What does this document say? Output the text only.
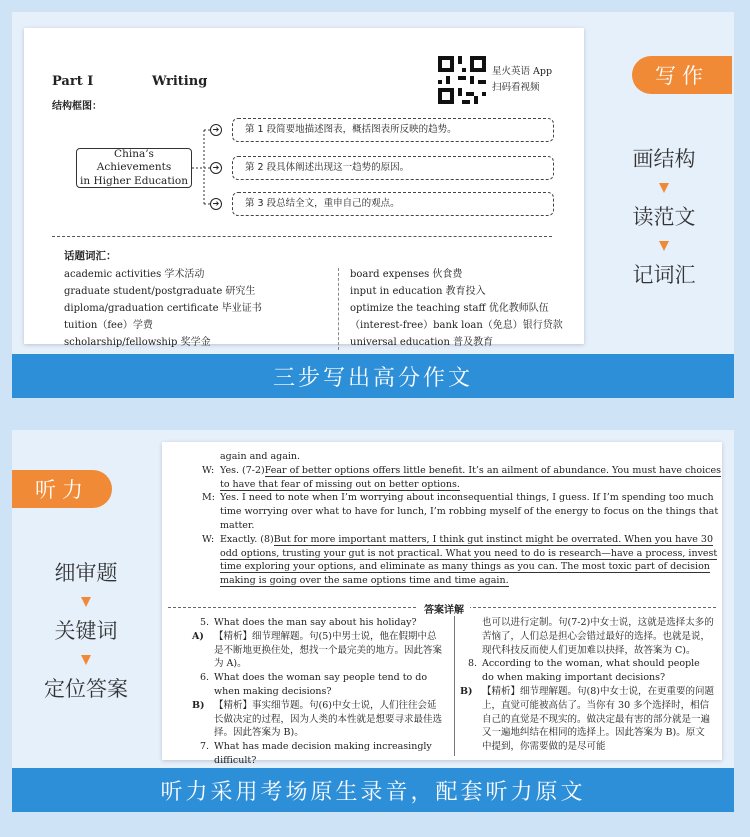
Part Ⅰ	Writing
结构框图：
星火英语 App
扫码看视频
China’s Achievements
in Higher Education
➔	第 1 段简要地描述图表，概括图表所反映的趋势。
➔	第 2 段具体阐述出现这一趋势的原因。
➔	第 3 段总结全文，重申自己的观点。
话题词汇：
academic activities 学术活动
graduate student/postgraduate 研究生
diploma/graduation certificate 毕业证书
tuition（fee）学费
scholarship/fellowship 奖学金
board expenses 伙食费
input in education 教育投入
optimize the teaching staff 优化教师队伍
（interest-free）bank loan（免息）银行贷款
universal education 普及教育
写作
画结构
读范文
记词汇
三步写出高分作文
听力
细审题
关键词
定位答案
again and again.
W: Yes. (7-2)Fear of better options offers little benefit. It’s an ailment of abundance. You must have choices to have that fear of missing out on better options.
M: Yes. I need to note when I’m worrying about inconsequential things, I guess. If I’m spending too much time worrying over what to have for lunch, I’m robbing myself of the energy to focus on the things that matter.
W: Exactly. (8)But for more important matters, I think gut instinct might be overrated. When you have 30 odd options, trusting your gut is not practical. What you need to do is research—have a process, invest time exploring your options, and eliminate as many things as you can. The most toxic part of decision making is going over the same options time and time again.
答案详解
5. What does the man say about his holiday?
A) 【精析】细节理解题。句(5)中男士说，他在假期中总是不断地更换住处，想找一个最完美的地方。因此答案为 A)。
6. What does the woman say people tend to do when making decisions?
B) 【精析】事实细节题。句(6)中女士说，人们往往会延长做决定的过程，因为人类的本性就是想要寻求最佳选择。因此答案为 B)。
7. What has made decision making increasingly difficult?
也可以进行定制。句(7-2)中女士说，这就是选择太多的苦恼了，人们总是担心会错过最好的选择。也就是说，现代科技反而使人们更加难以抉择，故答案为 C)。
8. According to the woman, what should people do when making important decisions?
B) 【精析】细节理解题。句(8)中女士说，在更重要的问题上，直觉可能被高估了。当你有 30 多个选择时，相信自己的直觉是不现实的。做决定最有害的部分就是一遍又一遍地纠结在相同的选择上。因此答案为 B)。原文中提到，你需要做的是尽可能
听力采用考场原生录音，配套听力原文
